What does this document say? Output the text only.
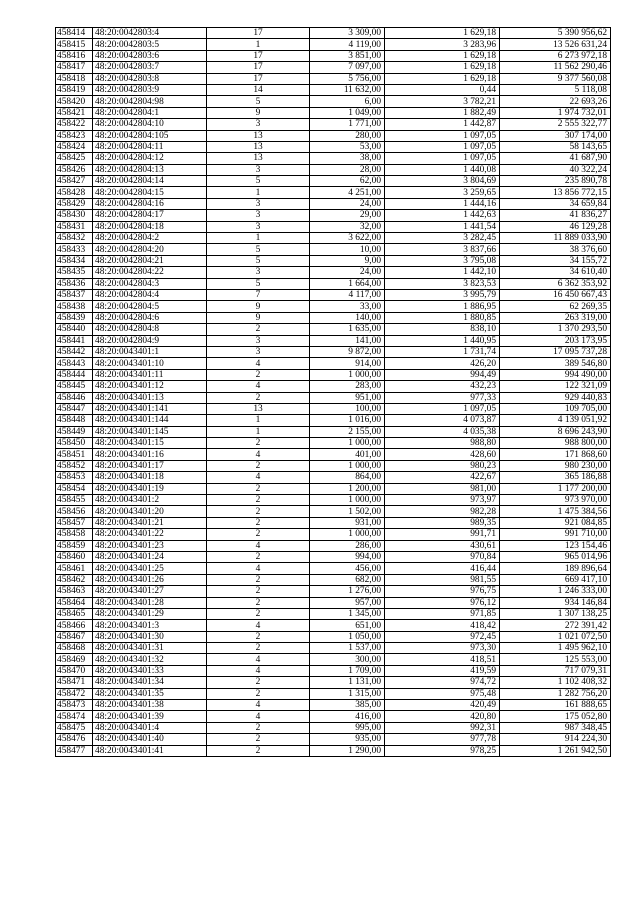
458414	48:20:0042803:4	17	3 309,00	1 629,18	5 390 956,62
458415	48:20:0042803:5	1	4 119,00	3 283,96	13 526 631,24
458416	48:20:0042803:6	17	3 851,00	1 629,18	6 273 972,18
458417	48:20:0042803:7	17	7 097,00	1 629,18	11 562 290,46
458418	48:20:0042803:8	17	5 756,00	1 629,18	9 377 560,08
458419	48:20:0042803:9	14	11 632,00	0,44	5 118,08
458420	48:20:0042804:98	5	6,00	3 782,21	22 693,26
458421	48:20:0042804:1	9	1 049,00	1 882,49	1 974 732,01
458422	48:20:0042804:10	3	1 771,00	1 442,87	2 555 322,77
458423	48:20:0042804:105	13	280,00	1 097,05	307 174,00
458424	48:20:0042804:11	13	53,00	1 097,05	58 143,65
458425	48:20:0042804:12	13	38,00	1 097,05	41 687,90
458426	48:20:0042804:13	3	28,00	1 440,08	40 322,24
458427	48:20:0042804:14	5	62,00	3 804,69	235 890,78
458428	48:20:0042804:15	1	4 251,00	3 259,65	13 856 772,15
458429	48:20:0042804:16	3	24,00	1 444,16	34 659,84
458430	48:20:0042804:17	3	29,00	1 442,63	41 836,27
458431	48:20:0042804:18	3	32,00	1 441,54	46 129,28
458432	48:20:0042804:2	1	3 622,00	3 282,45	11 889 033,90
458433	48:20:0042804:20	5	10,00	3 837,66	38 376,60
458434	48:20:0042804:21	5	9,00	3 795,08	34 155,72
458435	48:20:0042804:22	3	24,00	1 442,10	34 610,40
458436	48:20:0042804:3	5	1 664,00	3 823,53	6 362 353,92
458437	48:20:0042804:4	7	4 117,00	3 995,79	16 450 667,43
458438	48:20:0042804:5	9	33,00	1 886,95	62 269,35
458439	48:20:0042804:6	9	140,00	1 880,85	263 319,00
458440	48:20:0042804:8	2	1 635,00	838,10	1 370 293,50
458441	48:20:0042804:9	3	141,00	1 440,95	203 173,95
458442	48:20:0043401:1	3	9 872,00	1 731,74	17 095 737,28
458443	48:20:0043401:10	4	914,00	426,20	389 546,80
458444	48:20:0043401:11	2	1 000,00	994,49	994 490,00
458445	48:20:0043401:12	4	283,00	432,23	122 321,09
458446	48:20:0043401:13	2	951,00	977,33	929 440,83
458447	48:20:0043401:141	13	100,00	1 097,05	109 705,00
458448	48:20:0043401:144	1	1 016,00	4 073,87	4 139 051,92
458449	48:20:0043401:145	1	2 155,00	4 035,38	8 696 243,90
458450	48:20:0043401:15	2	1 000,00	988,80	988 800,00
458451	48:20:0043401:16	4	401,00	428,60	171 868,60
458452	48:20:0043401:17	2	1 000,00	980,23	980 230,00
458453	48:20:0043401:18	4	864,00	422,67	365 186,88
458454	48:20:0043401:19	2	1 200,00	981,00	1 177 200,00
458455	48:20:0043401:2	2	1 000,00	973,97	973 970,00
458456	48:20:0043401:20	2	1 502,00	982,28	1 475 384,56
458457	48:20:0043401:21	2	931,00	989,35	921 084,85
458458	48:20:0043401:22	2	1 000,00	991,71	991 710,00
458459	48:20:0043401:23	4	286,00	430,61	123 154,46
458460	48:20:0043401:24	2	994,00	970,84	965 014,96
458461	48:20:0043401:25	4	456,00	416,44	189 896,64
458462	48:20:0043401:26	2	682,00	981,55	669 417,10
458463	48:20:0043401:27	2	1 276,00	976,75	1 246 333,00
458464	48:20:0043401:28	2	957,00	976,12	934 146,84
458465	48:20:0043401:29	2	1 345,00	971,85	1 307 138,25
458466	48:20:0043401:3	4	651,00	418,42	272 391,42
458467	48:20:0043401:30	2	1 050,00	972,45	1 021 072,50
458468	48:20:0043401:31	2	1 537,00	973,30	1 495 962,10
458469	48:20:0043401:32	4	300,00	418,51	125 553,00
458470	48:20:0043401:33	4	1 709,00	419,59	717 079,31
458471	48:20:0043401:34	2	1 131,00	974,72	1 102 408,32
458472	48:20:0043401:35	2	1 315,00	975,48	1 282 756,20
458473	48:20:0043401:38	4	385,00	420,49	161 888,65
458474	48:20:0043401:39	4	416,00	420,80	175 052,80
458475	48:20:0043401:4	2	995,00	992,31	987 348,45
458476	48:20:0043401:40	2	935,00	977,78	914 224,30
458477	48:20:0043401:41	2	1 290,00	978,25	1 261 942,50
